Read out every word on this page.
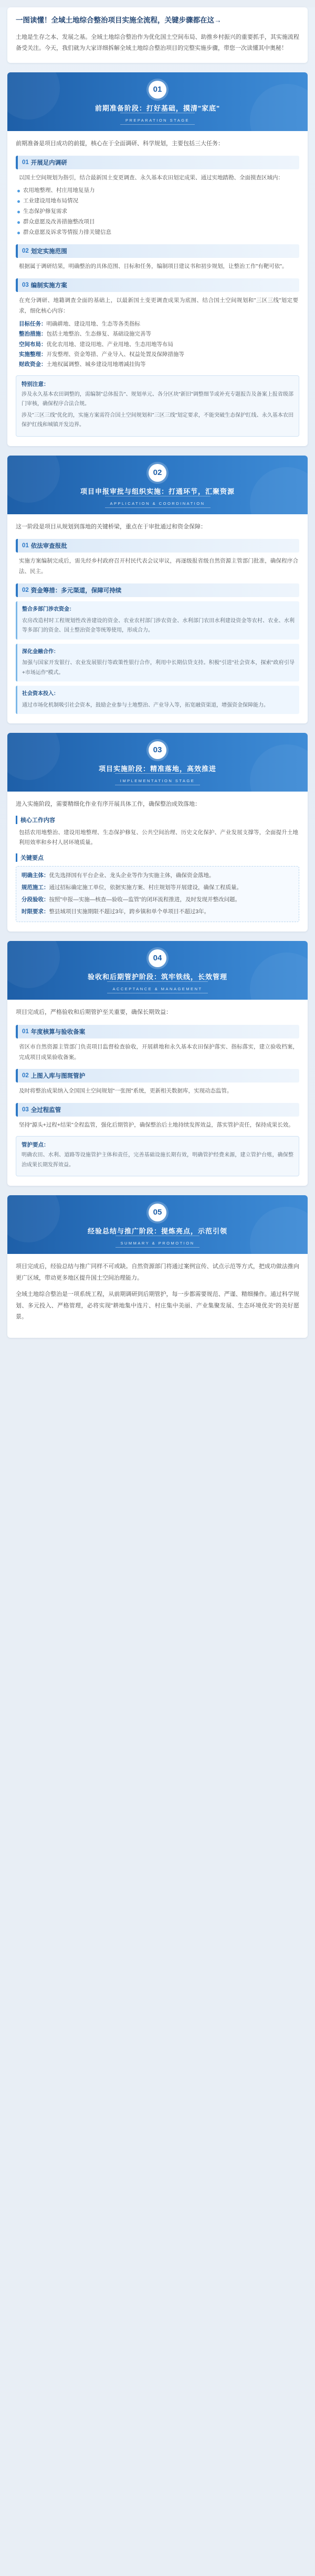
一图读懂！全域土地综合整治项目实施全流程，关键步骤都在这→
土地是生存之本、发展之基。全域土地综合整治作为优化国土空间布局、助推乡村振兴的重要抓手，其实施流程备受关注。今天，我们就为大家详细拆解全域土地综合整治项目的完整实施步骤，带您一次读懂其中奥秘！
01
前期准备阶段：打好基础，摸清"家底"
PREPARATION STAGE
前期准备是项目成功的前提，核心在于全面调研、科学规划，主要包括三大任务：
01 开展足内调研
以国土空间规划为指引，结合最新国土变更调查、永久基本农田划定成果、通过实地踏勘、全面摸查区域内：
农用地整理、村庄用地复垦力
工业建设用地布局情况
生态保护修复需求
群众意愿及改善措施整改项目
群众意愿及诉求等情报力排关键信息
02 划定实施范围
根据属于调研结果，明确整治的具体范围、目标和任务，编制项目建议书和初步规划，让整治工作"有靶可依"。
03 编制实施方案
在充分调研、地籍调查全面的基础上，以最新国土变更调查成果为底图、结合国土空间规划和"三区三线"划定要求，细化核心内容：
目标任务：明确耕地、建设用地、生态等各类指标
整治措施：包括土地整治、生态修复、基础设施完善等
空间布局：优化农用地、建设用地、产业用地、生态用地等布局
实施整理：开发整理、资金筹措、产业导入、权益处置及保障措施等
财政资金：土地权属调整、城乡建设用地增减挂钩等
特别注意：

涉及永久基本农田调整的，需编制"总体报告"、规划单元、各分区块"新旧"调整细节或补充专题报告及备案上报省级部门审核，确保程序合法合规。

涉及"三区三线"优化的，实施方案需符合国土空间规划和"三区三线"划定要求，不能突破生态保护红线、永久基本农田保护红线和城镇开发边界。

02
项目申报审批与组织实施：打通环节，汇聚资源
APPLICATION & COORDINATION
这一阶段是项目从规划到落地的关键桥梁，重点在于审批通过和资金保障：
01 依法审查报批
实施方案编制完成后，需先经乡村政府召开村民代表会议审议，再逐级报省级自然资源主管部门批准，确保程序合法、民主。
02 资金筹措：多元渠道，保障可持续

整合多部门涉农资金：

农房改造村时工程规划性改善建设的资金、农业农村部门涉农资金、水利部门农田水利建设资金等农村、农业、水利等多部门的资金、国土整治资金等统筹使用，形成合力。

深化金融合作：

加强与国家开发银行、农业发展银行等政策性银行合作，利用中长期信贷支持。积极"引进"社会资本，探索"政府引导+市场运作"模式。

社会资本投入：

通过市场化机制吸引社会资本，鼓励企业参与土地整治、产业导入等，拓宽融资渠道，增强资金保障能力。

03
项目实施阶段：精准落地，高效推进
IMPLEMENTATION STAGE
进入实施阶段，需要精细化作业有序开展具体工作，确保整治成效落地：
核心工作内容
包括农用地整治、建设用地整理、生态保护修复、公共空间治理、历史文化保护、产业发展支撑等，全面提升土地利用效率和乡村人居环境质量。
关键要点
明确主体：优先选择国有平台企业、龙头企业等作为实施主体，确保资金落地。
规范施工：通过招标确定施工单位，依据实施方案、村庄规划等开展建设，确保工程质量。
分段验收：按照"申报—实施—核查—验收—监管"的闭环流程推进，及时发现并整改问题。
时限要求：整县域项目实施期限不超过3年，跨乡镇和单个单项目不超过3年。
04
验收和后期管护阶段：筑牢铁线，长效管理
ACCEPTANCE & MANAGEMENT
项目完成后，严格验收和后期管护至关重要，确保长期效益：
01 年度核算与验收备案
省区市自然资源主管部门负责项目监督检查验收，开展耕地和永久基本农田保护落实、指标落实，建立验收档案，完成项目成果验收备案。
02 上图入库与图斑管护
及时将整治成果纳入全国国土空间规划"一张图"系统，更新相关数据库，实现动态监管。
03 全过程监管
坚持"源头+过程+结果"全程监管，强化后期管护，确保整治后土地持续发挥效益，落实管护责任，保持成果长效。
管护要点：

明确农田、水利、道路等设施管护主体和责任，完善基础设施长期有效，明确管护经费来源，建立管护台账，确保整治成果长期发挥效益。

05
经验总结与推广阶段：提炼亮点，示范引领
SUMMARY & PROMOTION
项目完成后，经验总结与推广同样不可或缺。自然资源部门将通过案例宣传、试点示范等方式，把成功做法推向更广区域，带动更多地区提升国土空间治理能力。
全域土地综合整治是一项系统工程，从前期调研到后期管护，每一步都需要规范、严谨、精细操作。通过科学规划、多元投入、严格管理，必将实现"耕地集中连片、村庄集中美丽、产业集聚发展、生态环境优美"的美好愿景。
